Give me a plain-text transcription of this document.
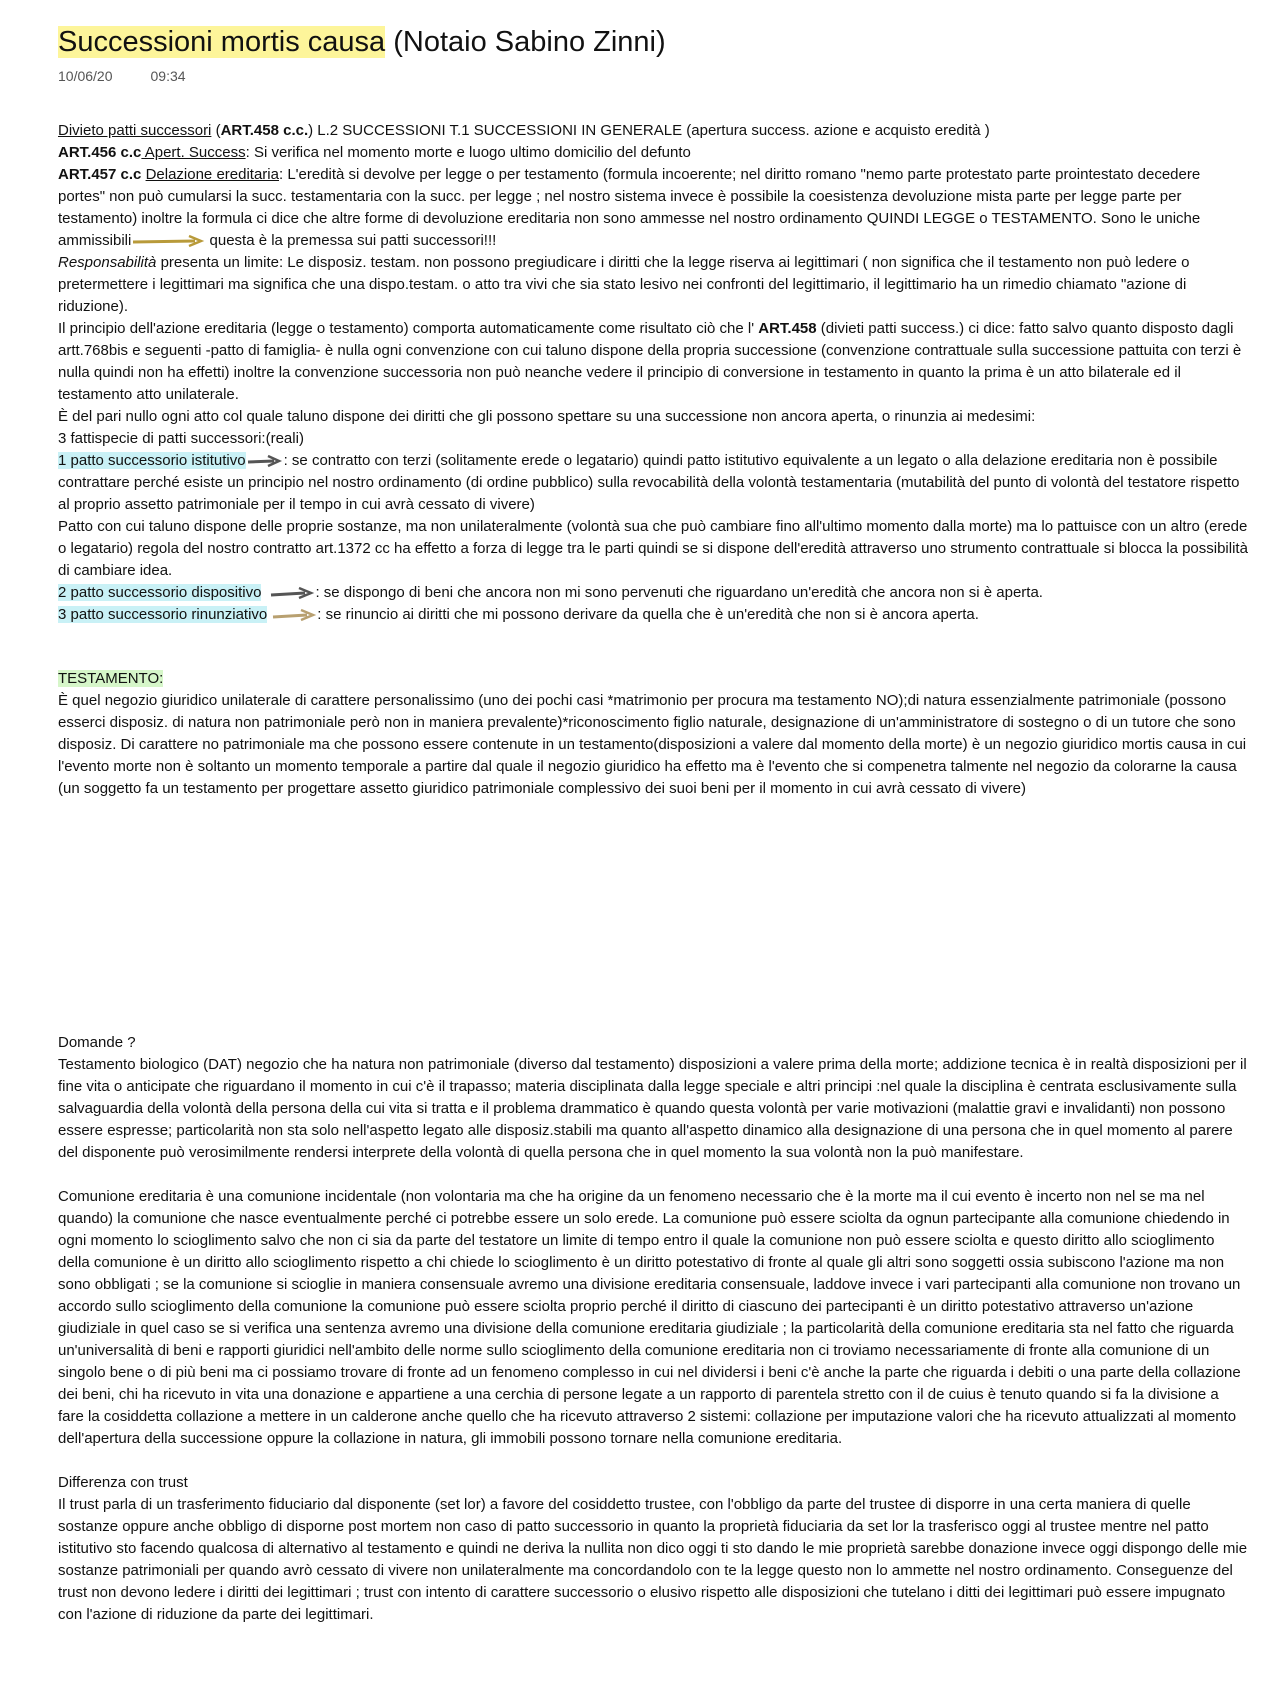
Successioni mortis causa (Notaio Sabino Zinni)
10/06/20	09:34

Divieto patti successori (ART.458 c.c.) L.2 SUCCESSIONI T.1 SUCCESSIONI IN GENERALE (apertura success. azione e acquisto eredità )

ART.456 c.c Apert. Success: Si verifica nel momento morte e luogo ultimo domicilio del defunto

ART.457 c.c Delazione ereditaria: L'eredità si devolve per legge o per testamento (formula incoerente; nel diritto romano "nemo parte protestato parte prointestato decedere portes" non può cumularsi la succ. testamentaria con la succ. per legge ; nel nostro sistema invece è possibile la coesistenza devoluzione mista parte per legge parte per testamento) inoltre la formula ci dice che altre forme di devoluzione ereditaria non sono ammesse nel nostro ordinamento QUINDI LEGGE o TESTAMENTO. Sono le uniche ammissibili	questa è la premessa sui patti successori!!!

Responsabilità presenta un limite: Le disposiz. testam. non possono pregiudicare i diritti che la legge riserva ai legittimari ( non significa che il testamento non può ledere o pretermettere i legittimari ma significa che una dispo.testam. o atto tra vivi che sia stato lesivo nei confronti del legittimario, il legittimario ha un rimedio chiamato "azione di riduzione).

Il principio dell'azione ereditaria (legge o testamento) comporta automaticamente come risultato ciò che l' ART.458 (divieti patti success.) ci dice: fatto salvo quanto disposto dagli artt.768bis e seguenti -patto di famiglia- è nulla ogni convenzione con cui taluno dispone della propria successione (convenzione contrattuale sulla successione pattuita con terzi è nulla quindi non ha effetti) inoltre la convenzione successoria non può neanche vedere il principio di conversione in testamento in quanto la prima è un atto bilaterale ed il testamento atto unilaterale.

È del pari nullo ogni atto col quale taluno dispone dei diritti che gli possono spettare su una successione non ancora aperta, o rinunzia ai medesimi:

3 fattispecie di patti successori:(reali)

1 patto successorio istitutivo	: se contratto con terzi (solitamente erede o legatario) quindi patto istitutivo equivalente a un legato o alla delazione ereditaria non è possibile contrattare perché esiste un principio nel nostro ordinamento (di ordine pubblico) sulla revocabilità della volontà testamentaria (mutabilità del punto di volontà del testatore rispetto al proprio assetto patrimoniale per il tempo in cui avrà cessato di vivere)

Patto con cui taluno dispone delle proprie sostanze, ma non unilateralmente (volontà sua che può cambiare fino all'ultimo momento dalla morte) ma lo pattuisce con un altro (erede o legatario) regola del nostro contratto art.1372 cc ha effetto a forza di legge tra le parti quindi se si dispone dell'eredità attraverso uno strumento contrattuale si blocca la possibilità di cambiare idea.

2 patto successorio dispositivo	: se dispongo di beni che ancora non mi sono pervenuti che riguardano un'eredità che ancora non si è aperta.

3 patto successorio rinunziativo	: se rinuncio ai diritti che mi possono derivare da quella che è un'eredità che non si è ancora aperta.

TESTAMENTO:

È quel negozio giuridico unilaterale di carattere personalissimo (uno dei pochi casi *matrimonio per procura ma testamento NO);di natura essenzialmente patrimoniale (possono esserci disposiz. di natura non patrimoniale però non in maniera prevalente)*riconoscimento figlio naturale, designazione di un'amministratore di sostegno o di un tutore che sono disposiz. Di carattere no patrimoniale ma che possono essere contenute in un testamento(disposizioni a valere dal momento della morte) è un negozio giuridico mortis causa in cui l'evento morte non è soltanto un momento temporale a partire dal quale il negozio giuridico ha effetto ma è l'evento che si compenetra talmente nel negozio da colorarne la causa (un soggetto fa un testamento per progettare assetto giuridico patrimoniale complessivo dei suoi beni per il momento in cui avrà cessato di vivere)

Domande ?

Testamento biologico (DAT) negozio che ha natura non patrimoniale (diverso dal testamento) disposizioni a valere prima della morte; addizione tecnica è in realtà disposizioni per il fine vita o anticipate che riguardano il momento in cui c'è il trapasso; materia disciplinata dalla legge speciale e altri principi :nel quale la disciplina è centrata esclusivamente sulla salvaguardia della volontà della persona della cui vita si tratta e il problema drammatico è quando questa volontà per varie motivazioni (malattie gravi e invalidanti) non possono essere espresse; particolarità non sta solo nell'aspetto legato alle disposiz.stabili ma quanto all'aspetto dinamico alla designazione di una persona che in quel momento al parere del disponente può verosimilmente rendersi interprete della volontà di quella persona che in quel momento la sua volontà non la può manifestare.

Comunione ereditaria è una comunione incidentale (non volontaria ma che ha origine da un fenomeno necessario che è la morte ma il cui evento è incerto non nel se ma nel quando) la comunione che nasce eventualmente perché ci potrebbe essere un solo erede. La comunione può essere sciolta da ognun partecipante alla comunione chiedendo in ogni momento lo scioglimento salvo che non ci sia da parte del testatore un limite di tempo entro il quale la comunione non può essere sciolta e questo diritto allo scioglimento della comunione è un diritto allo scioglimento rispetto a chi chiede lo scioglimento è un diritto potestativo di fronte al quale gli altri sono soggetti ossia subiscono l'azione ma non sono obbligati ; se la comunione si scioglie in maniera consensuale avremo una divisione ereditaria consensuale, laddove invece i vari partecipanti alla comunione non trovano un accordo sullo scioglimento della comunione la comunione può essere sciolta proprio perché il diritto di ciascuno dei partecipanti è un diritto potestativo attraverso un'azione giudiziale in quel caso se si verifica una sentenza avremo una divisione della comunione ereditaria giudiziale ; la particolarità della comunione ereditaria sta nel fatto che riguarda un'universalità di beni e rapporti giuridici nell'ambito delle norme sullo scioglimento della comunione ereditaria non ci troviamo necessariamente di fronte alla comunione di un singolo bene o di più beni ma ci possiamo trovare di fronte ad un fenomeno complesso in cui nel dividersi i beni c'è anche la parte che riguarda i debiti o una parte della collazione dei beni, chi ha ricevuto in vita una donazione e appartiene a una cerchia di persone legate a un rapporto di parentela stretto con il de cuius è tenuto quando si fa la divisione a fare la cosiddetta collazione a mettere in un calderone anche quello che ha ricevuto attraverso 2 sistemi: collazione per imputazione valori che ha ricevuto attualizzati al momento dell'apertura della successione oppure la collazione in natura, gli immobili possono tornare nella comunione ereditaria.

Differenza con trust

Il trust parla di un trasferimento fiduciario dal disponente (set lor) a favore del cosiddetto trustee, con l'obbligo da parte del trustee di disporre in una certa maniera di quelle sostanze oppure anche obbligo di disporne post mortem non caso di patto successorio in quanto la proprietà fiduciaria da set lor la trasferisco oggi al trustee mentre nel patto istitutivo sto facendo qualcosa di alternativo al testamento e quindi ne deriva la nullita non dico oggi ti sto dando le mie proprietà sarebbe donazione invece oggi dispongo delle mie sostanze patrimoniali per quando avrò cessato di vivere non unilateralmente ma concordandolo con te la legge questo non lo ammette nel nostro ordinamento. Conseguenze del trust non devono ledere i diritti dei legittimari ; trust con intento di carattere successorio o elusivo rispetto alle disposizioni che tutelano i ditti dei legittimari può essere impugnato con l'azione di riduzione da parte dei legittimari.
